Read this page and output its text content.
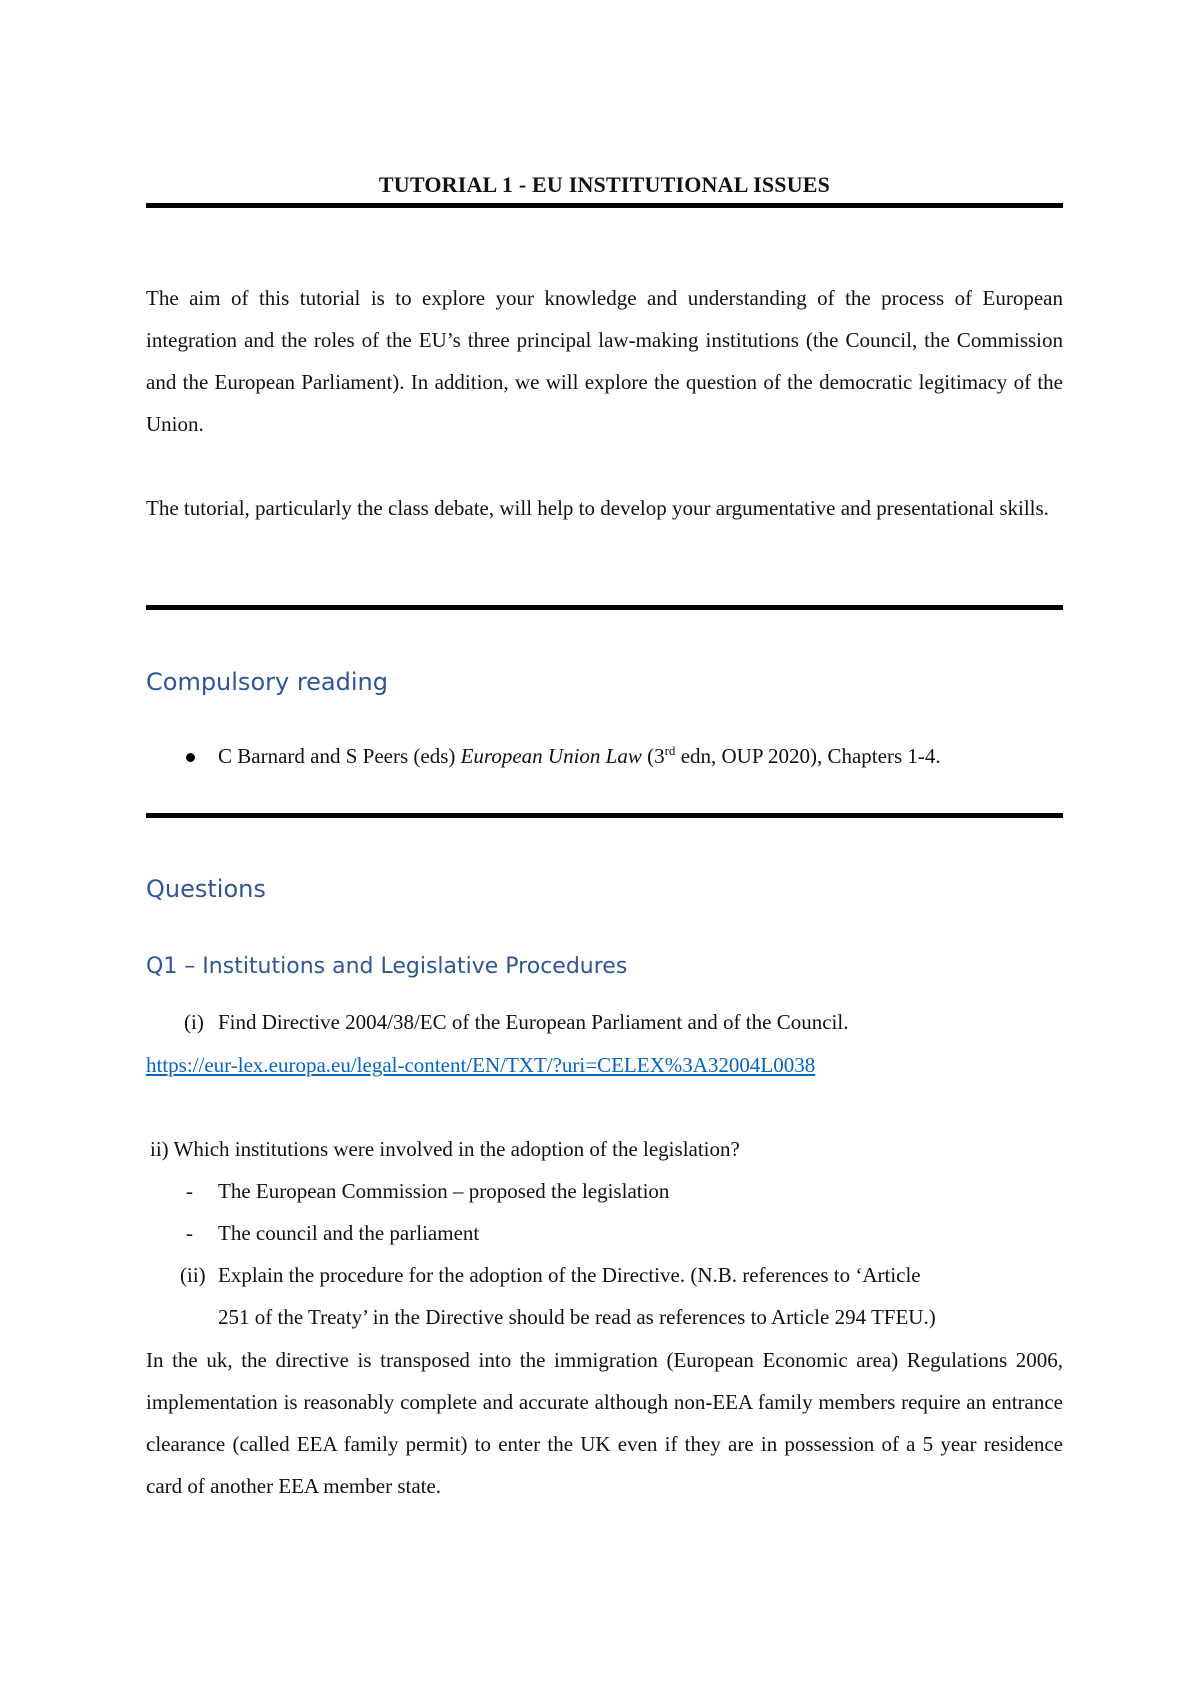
TUTORIAL 1 - EU INSTITUTIONAL ISSUES
The aim of this tutorial is to explore your knowledge and understanding of the process of European integration and the roles of the EU’s three principal law-making institutions (the Council, the Commission and the European Parliament). In addition, we will explore the question of the democratic legitimacy of the Union.
The tutorial, particularly the class debate, will help to develop your argumentative and presentational skills.
Compulsory reading
C Barnard and S Peers (eds) European Union Law (3rd edn, OUP 2020), Chapters 1-4.
Questions
Q1 – Institutions and Legislative Procedures
(i) Find Directive 2004/38/EC of the European Parliament and of the Council.
https://eur-lex.europa.eu/legal-content/EN/TXT/?uri=CELEX%3A32004L0038
ii) Which institutions were involved in the adoption of the legislation?
- The European Commission – proposed the legislation
- The council and the parliament
(ii) Explain the procedure for the adoption of the Directive. (N.B. references to ‘Article
251 of the Treaty’ in the Directive should be read as references to Article 294 TFEU.)
In the uk, the directive is transposed into the immigration (European Economic area) Regulations 2006, implementation is reasonably complete and accurate although non-EEA family members require an entrance clearance (called EEA family permit) to enter the UK even if they are in possession of a 5 year residence card of another EEA member state.
